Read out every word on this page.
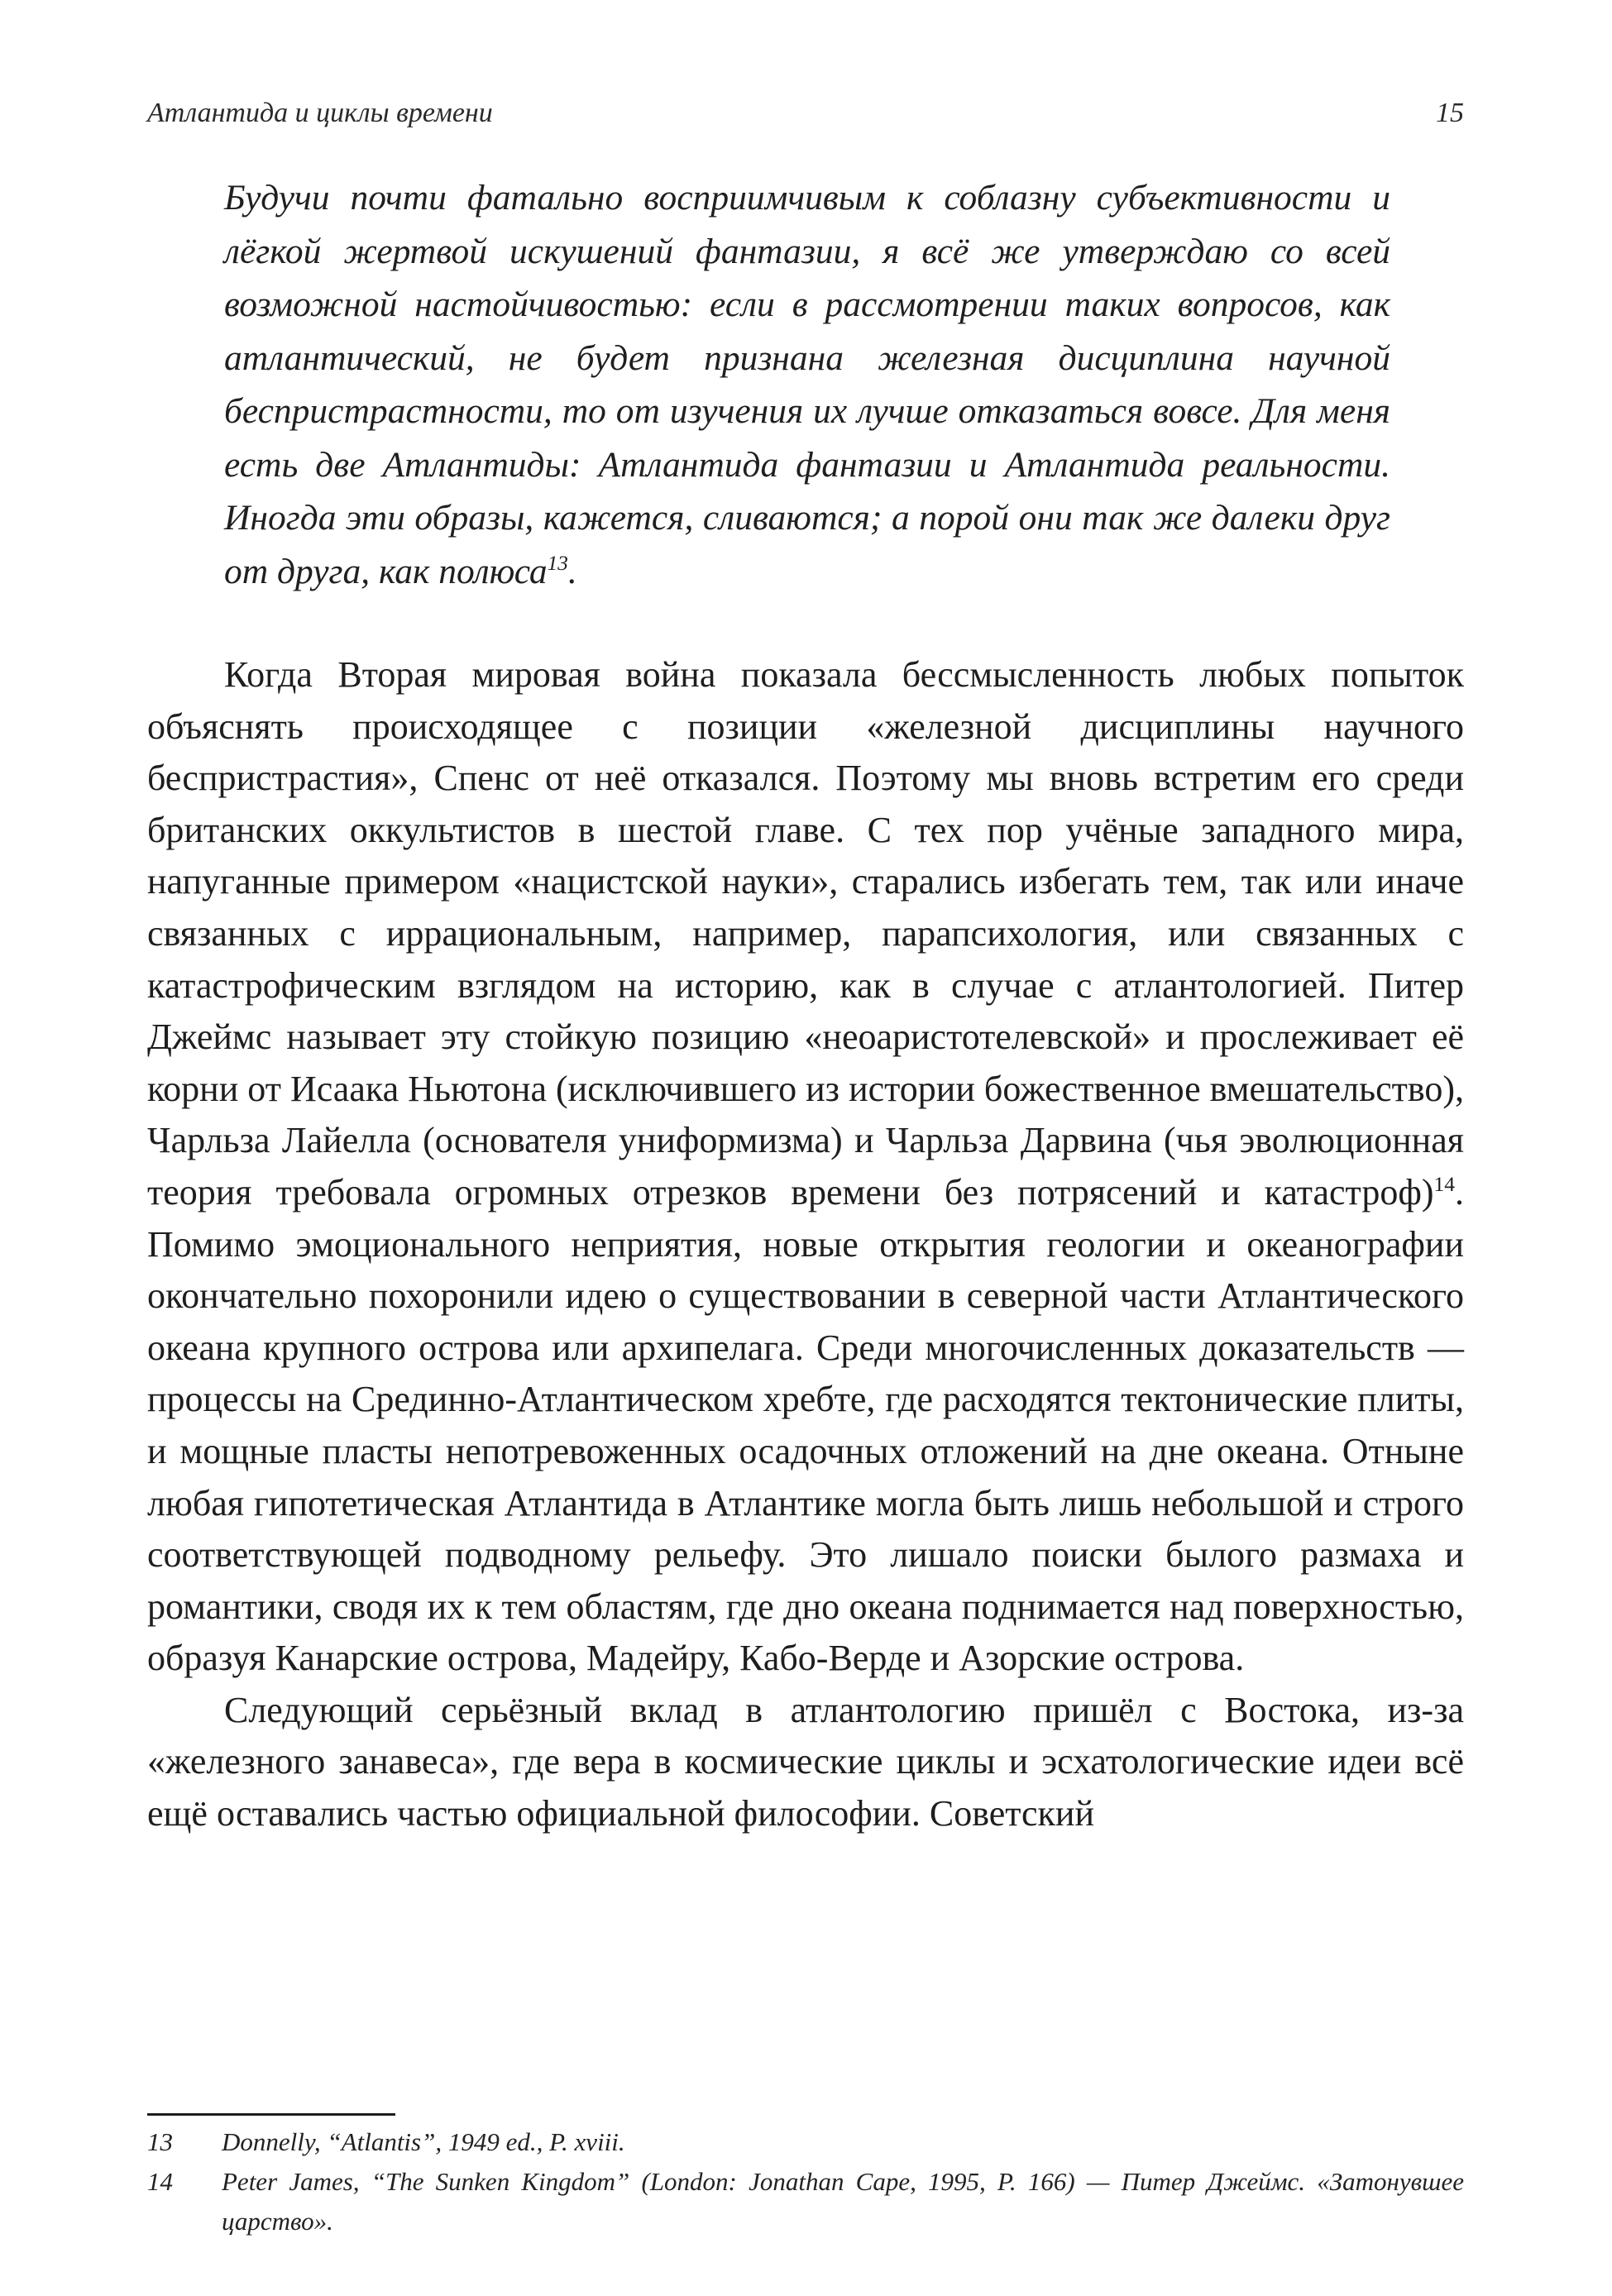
Атлантида и циклы времени	15
Будучи почти фатально восприимчивым к соблазну субъективности и лёгкой жертвой искушений фантазии, я всё же утверждаю со всей возможной настойчивостью: если в рассмотрении таких вопросов, как атлантический, не будет признана железная дисциплина научной беспристрастности, то от изучения их лучше отказаться вовсе. Для меня есть две Атлантиды: Атлантида фантазии и Атлантида реальности. Иногда эти образы, кажется, сливаются; а порой они так же далеки друг от друга, как полюса$^{13}$.

Когда Вторая мировая война показала бессмысленность любых попыток объяснять происходящее с позиции «железной дисциплины научного беспристрастия», Спенс от неё отказался. Поэтому мы вновь встретим его среди британских оккультистов в шестой главе. С тех пор учёные западного мира, напуганные примером «нацистской науки», старались избегать тем, так или иначе связанных с иррациональным, например, парапсихология, или связанных с катастрофическим взглядом на историю, как в случае с атлантологией. Питер Джеймс называет эту стойкую позицию «неоаристотелевской» и прослеживает её корни от Исаака Ньютона (исключившего из истории божественное вмешательство), Чарльза Лайелла (основателя униформизма) и Чарльза Дарвина (чья эволюционная теория требовала огромных отрезков времени без потрясений и катастроф)$^{14}$. Помимо эмоционального неприятия, новые открытия геологии и океанографии окончательно похоронили идею о существовании в северной части Атлантического океана крупного острова или архипелага. Среди многочисленных доказательств — процессы на Срединно-Атлантическом хребте, где расходятся тектонические плиты, и мощные пласты непотревоженных осадочных отложений на дне океана. Отныне любая гипотетическая Атлантида в Атлантике могла быть лишь небольшой и строго соответствующей подводному рельефу. Это лишало поиски былого размаха и романтики, сводя их к тем областям, где дно океана поднимается над поверхностью, образуя Канарские острова, Мадейру, Кабо-Верде и Азорские острова.

Следующий серьёзный вклад в атлантологию пришёл с Востока, из-за «железного занавеса», где вера в космические циклы и эсхатологические идеи всё ещё оставались частью официальной философии. Советский

13 Donnelly, “Atlantis”, 1949 ed., P. xviii.
14 Peter James, “The Sunken Kingdom” (London: Jonathan Cape, 1995, P. 166) — Питер Джеймс. «Затонувшее царство».
